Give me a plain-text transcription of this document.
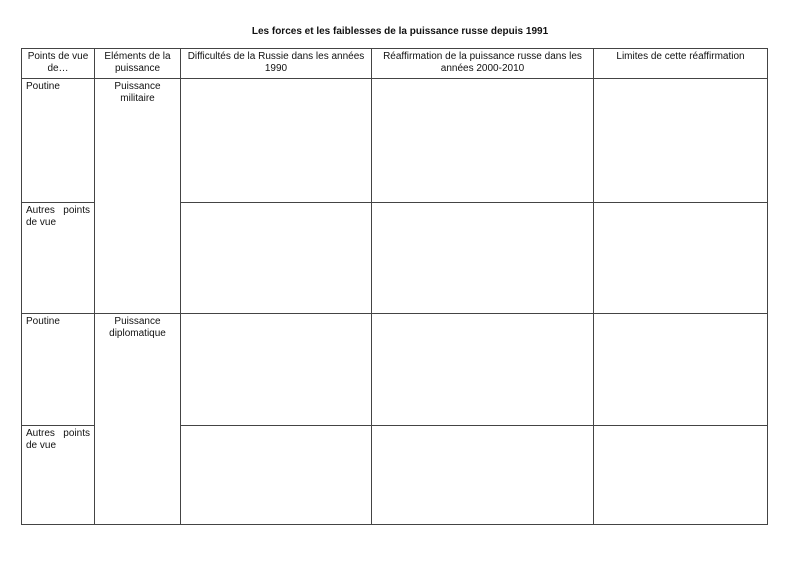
Les forces et les faiblesses de la puissance russe depuis 1991
Points de vue de…	Eléments de la puissance	Difficultés de la Russie dans les années 1990	Réaffirmation de la puissance russe dans les années 2000-2010	Limites de cette réaffirmation
Poutine	Puissance militaire			
Autres points de vue				
Poutine	Puissance diplomatique			
Autres points de vue				
